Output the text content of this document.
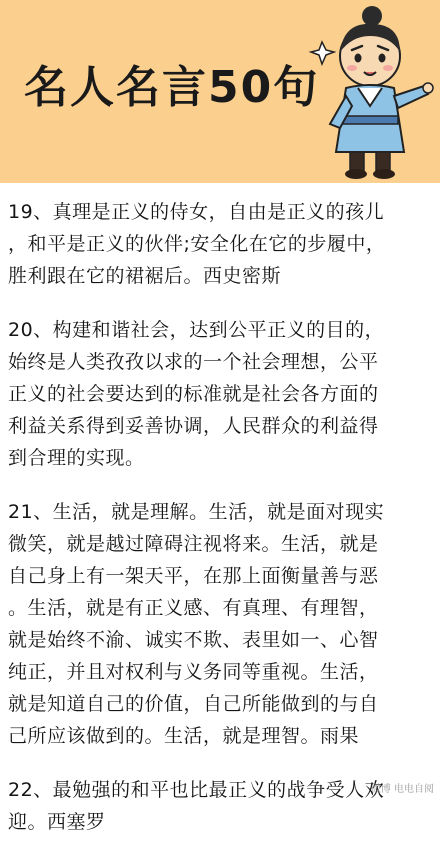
名人名言50句

19、真理是正义的侍女，自由是正义的孩儿
，和平是正义的伙伴;安全化在它的步履中，
胜利跟在它的裙裾后。西史密斯

20、构建和谐社会，达到公平正义的目的，
始终是人类孜孜以求的一个社会理想，公平
正义的社会要达到的标准就是社会各方面的
利益关系得到妥善协调，人民群众的利益得
到合理的实现。

21、生活，就是理解。生活，就是面对现实
微笑，就是越过障碍注视将来。生活，就是
自己身上有一架天平，在那上面衡量善与恶
。生活，就是有正义感、有真理、有理智，
就是始终不渝、诚实不欺、表里如一、心智
纯正，并且对权利与义务同等重视。生活，
就是知道自己的价值，自己所能做到的与自
己所应该做到的。生活，就是理智。雨果

22、最勉强的和平也比最正义的战争受人欢
迎。西塞罗

微博 电电自阅
